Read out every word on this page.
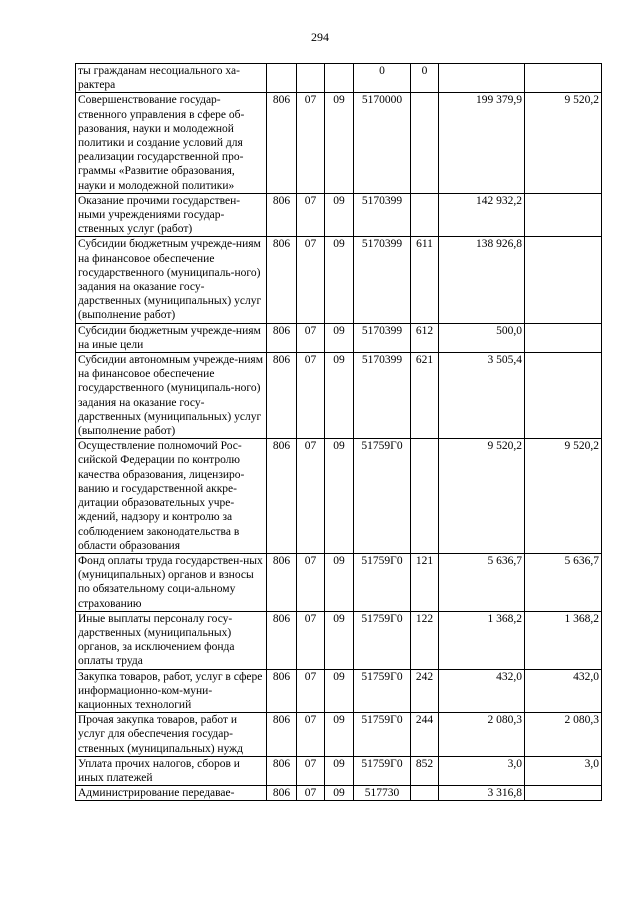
294
ты гражданам несоциального ха-рактера				0	0		
Совершенствование государ-ственного управления в сфере об-разования, науки и молодежной политики и создание условий для реализации государственной про-граммы «Развитие образования, науки и молодежной политики»	806	07	09	5170000		199 379,9	9 520,2
Оказание прочими государствен-ными учреждениями государ-ственных услуг (работ)	806	07	09	5170399		142 932,2	
Субсидии бюджетным учрежде-ниям на финансовое обеспечение государственного (муниципаль-ного) задания на оказание госу-дарственных (муниципальных) услуг (выполнение работ)	806	07	09	5170399	611	138 926,8	
Субсидии бюджетным учрежде-ниям на иные цели	806	07	09	5170399	612	500,0	
Субсидии автономным учрежде-ниям на финансовое обеспечение государственного (муниципаль-ного) задания на оказание госу-дарственных (муниципальных) услуг (выполнение работ)	806	07	09	5170399	621	3 505,4	
Осуществление полномочий Рос-сийской Федерации по контролю качества образования, лицензиро-ванию и государственной аккре-дитации образовательных учре-ждений, надзору и контролю за соблюдением законодательства в области образования	806	07	09	51759Г0		9 520,2	9 520,2
Фонд оплаты труда государствен-ных (муниципальных) органов и взносы по обязательному соци-альному страхованию	806	07	09	51759Г0	121	5 636,7	5 636,7
Иные выплаты персоналу госу-дарственных (муниципальных) органов, за исключением фонда оплаты труда	806	07	09	51759Г0	122	1 368,2	1 368,2
Закупка товаров, работ, услуг в сфере информационно-ком-муни-кационных технологий	806	07	09	51759Г0	242	432,0	432,0
Прочая закупка товаров, работ и услуг для обеспечения государ-ственных (муниципальных) нужд	806	07	09	51759Г0	244	2 080,3	2 080,3
Уплата прочих налогов, сборов и иных платежей	806	07	09	51759Г0	852	3,0	3,0
Администрирование передавае-	806	07	09	517730		3 316,8	
